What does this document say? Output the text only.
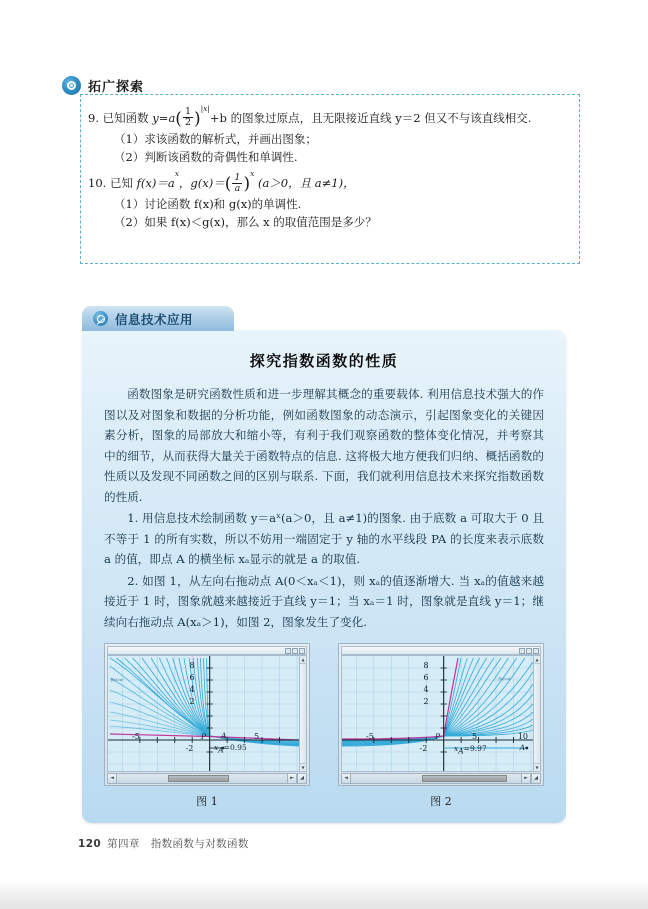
拓广探索
9. 已知函数 $y=a( \frac{1}{2} )^{|x|}+b$ 的图象过原点，且无限接近直线 y＝2 但又不与该直线相交.
（1）求该函数的解析式，并画出图象；
（2）判断该函数的奇偶性和单调性.
10. 已知 $f(x)=a^x$，$g(x)=( \frac{1}{a} )^x$ (a＞0，且 a≠1)，
（1）讨论函数 f(x)和 g(x)的单调性.
（2）如果 f(x)＜g(x)，那么 x 的取值范围是多少？
信息技术应用
探究指数函数的性质
函数图象是研究函数性质和进一步理解其概念的重要载体. 利用信息技术强大的作图以及对图象和数据的分析功能，例如函数图象的动态演示，引起图象变化的关键因素分析，图象的局部放大和缩小等，有利于我们观察函数的整体变化情况，并考察其中的细节，从而获得大量关于函数特点的信息. 这将极大地方便我们归纳、概括函数的性质以及发现不同函数之间的区别与联系. 下面，我们就利用信息技术来探究指数函数的性质.
1. 用信息技术绘制函数 y＝aˣ(a＞0，且 a≠1)的图象. 由于底数 a 可取大于 0 且不等于 1 的所有实数，所以不妨用一端固定于 y 轴的水平线段 PA 的长度来表示底数 a 的值，即点 A 的横坐标 xₐ显示的就是 a 的取值.
2. 如图 1，从左向右拖动点 A(0＜xₐ＜1)，则 xₐ的值逐渐增大. 当 xₐ的值越来越接近于 1 时，图象就越来越接近于直线 y＝1；当 xₐ＝1 时，图象就是直线 y＝1；继续向右拖动点 A(xₐ＞1)，如图 2，图象发生了变化.
f(x)=aˣ
8
6
4
2
-2
-5	5
P A
$x_A=0.95$
▲
▼
◄	►	◢
图 1
f(x)=aˣ
8
6
4
2
-2
-5	5	10
P
A
$x_A=9.97$
▲
▼
◄	►	◢
图 2
120 第四章　指数函数与对数函数
